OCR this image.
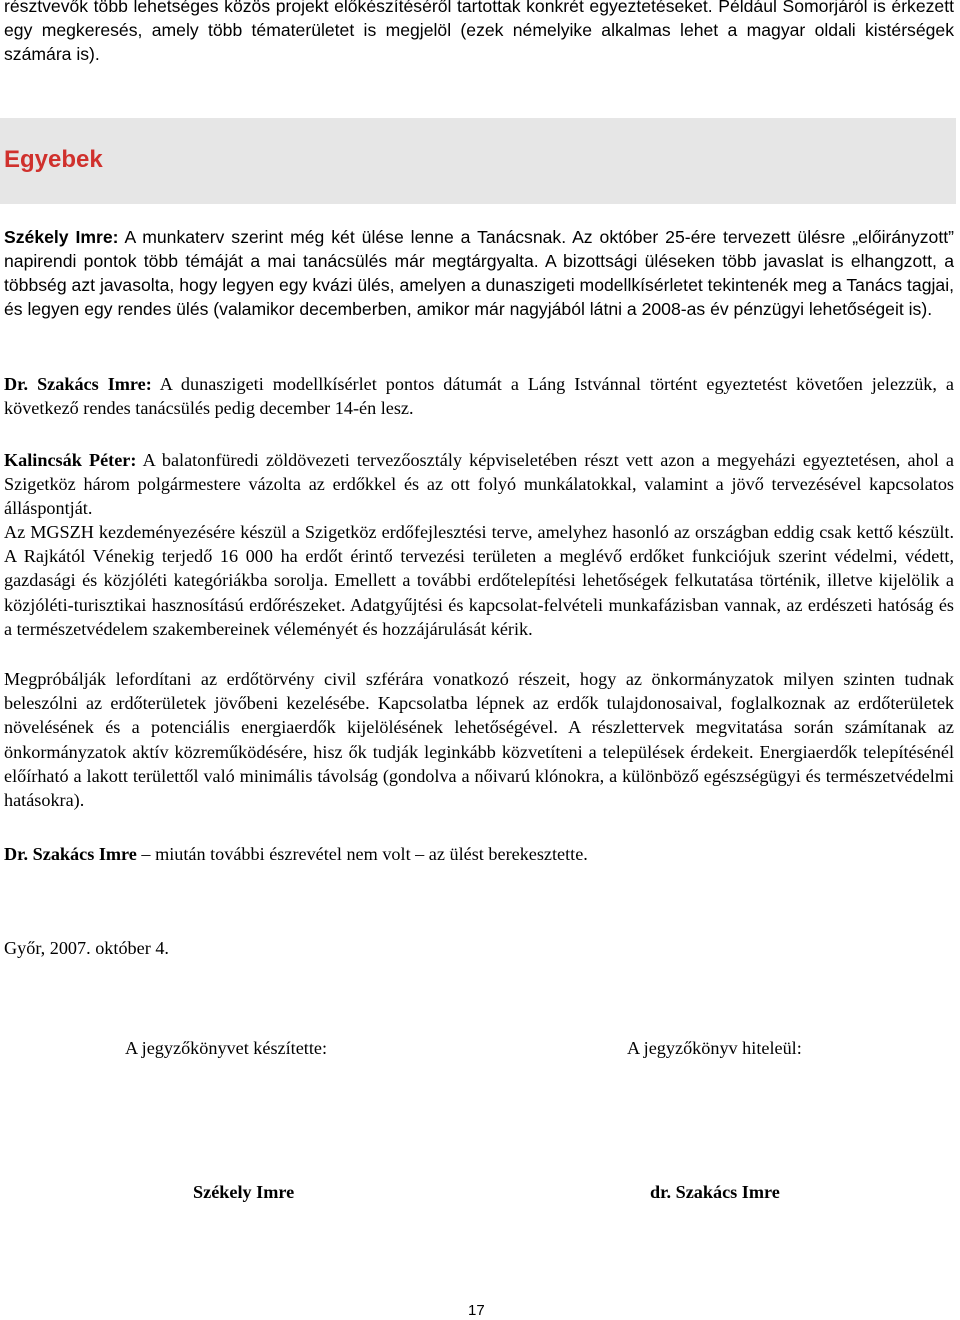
résztvevők több lehetséges közös projekt előkészítéséről tartottak konkrét egyeztetéseket. Például Somorjáról is érkezett egy megkeresés, amely több tématerületet is megjelöl (ezek némelyike alkalmas lehet a magyar oldali kistérségek számára is).

Egyebek

Székely Imre: A munkaterv szerint még két ülése lenne a Tanácsnak. Az október 25-ére tervezett ülésre „előirányzott” napirendi pontok több témáját a mai tanácsülés már megtárgyalta. A bizottsági üléseken több javaslat is elhangzott, a többség azt javasolta, hogy legyen egy kvázi ülés, amelyen a dunaszigeti modellkísérletet tekintenék meg a Tanács tagjai, és legyen egy rendes ülés (valamikor decemberben, amikor már nagyjából látni a 2008-as év pénzügyi lehetőségeit is).

Dr. Szakács Imre: A dunaszigeti modellkísérlet pontos dátumát a Láng Istvánnal történt egyeztetést követően jelezzük, a következő rendes tanácsülés pedig december 14-én lesz.

Kalincsák Péter: A balatonfüredi zöldövezeti tervezőosztály képviseletében részt vett azon a megyeházi egyeztetésen, ahol a Szigetköz három polgármestere vázolta az erdőkkel és az ott folyó munkálatokkal, valamint a jövő tervezésével kapcsolatos álláspontját.

Az MGSZH kezdeményezésére készül a Szigetköz erdőfejlesztési terve, amelyhez hasonló az országban eddig csak kettő készült. A Rajkától Vénekig terjedő 16 000 ha erdőt érintő tervezési területen a meglévő erdőket funkciójuk szerint védelmi, védett, gazdasági és közjóléti kategóriákba sorolja. Emellett a további erdőtelepítési lehetőségek felkutatása történik, illetve kijelölik a közjóléti-turisztikai hasznosítású erdőrészeket. Adatgyűjtési és kapcsolat-felvételi munkafázisban vannak, az erdészeti hatóság és a természetvédelem szakembereinek véleményét és hozzájárulását kérik.

Megpróbálják lefordítani az erdőtörvény civil szférára vonatkozó részeit, hogy az önkormányzatok milyen szinten tudnak beleszólni az erdőterületek jövőbeni kezelésébe. Kapcsolatba lépnek az erdők tulajdonosaival, foglalkoznak az erdőterületek növelésének és a potenciális energiaerdők kijelölésének lehetőségével. A részlettervek megvitatása során számítanak az önkormányzatok aktív közreműködésére, hisz ők tudják leginkább közvetíteni a települések érdekeit. Energiaerdők telepítésénél előírható a lakott területtől való minimális távolság (gondolva a nőivarú klónokra, a különböző egészségügyi és természetvédelmi hatásokra).

Dr. Szakács Imre – miután további észrevétel nem volt – az ülést berekesztette.

Győr, 2007. október 4.

A jegyzőkönyvet készítette:	A jegyzőkönyv hiteleül:
Székely Imre	dr. Szakács Imre
17
